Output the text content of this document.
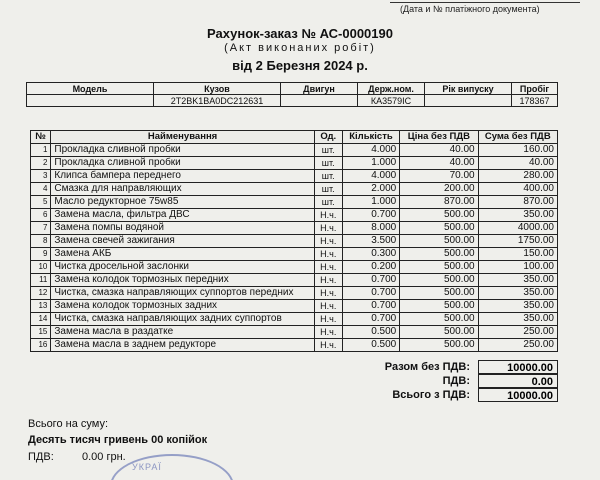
(Дата и № платіжного документа)
Рахунок-заказ № АС-0000190
(Акт виконаних робіт)
від 2 Березня 2024 р.
Модель	Кузов	Двигун	Держ.ном.	Рік випуску	Пробіг
	2T2BK1BA0DC212631		КА3579ІС		178367
№	Найменування	Од.	Кількість	Ціна без ПДВ	Сума без ПДВ
1	Прокладка сливной пробки	шт.	4.000	40.00	160.00
2	Прокладка сливной пробки	шт.	1.000	40.00	40.00
3	Клипса бампера переднего	шт.	4.000	70.00	280.00
4	Смазка для направляющих	шт.	2.000	200.00	400.00
5	Масло редукторное 75w85	шт.	1.000	870.00	870.00
6	Замена масла, фильтра ДВС	Н.ч.	0.700	500.00	350.00
7	Замена помпы водяной	Н.ч.	8.000	500.00	4000.00
8	Замена свечей зажигания	Н.ч.	3.500	500.00	1750.00
9	Замена АКБ	Н.ч.	0.300	500.00	150.00
10	Чистка дросельной заслонки	Н.ч.	0.200	500.00	100.00
11	Замена колодок тормозных передних	Н.ч.	0.700	500.00	350.00
12	Чистка, смазка направляющих суппортов передних	Н.ч.	0.700	500.00	350.00
13	Замена колодок тормозных задних	Н.ч.	0.700	500.00	350.00
14	Чистка, смазка направляющих задних суппортов	Н.ч.	0.700	500.00	350.00
15	Замена масла в раздатке	Н.ч.	0.500	500.00	250.00
16	Замена масла в заднем редукторе	Н.ч.	0.500	500.00	250.00
Разом без ПДВ:	10000.00
ПДВ:	0.00
Всього з ПДВ:	10000.00
Всього на суму:
Десять тисяч гривень 00 копійок
ПДВ:	0.00 грн.
УКРАЇ
